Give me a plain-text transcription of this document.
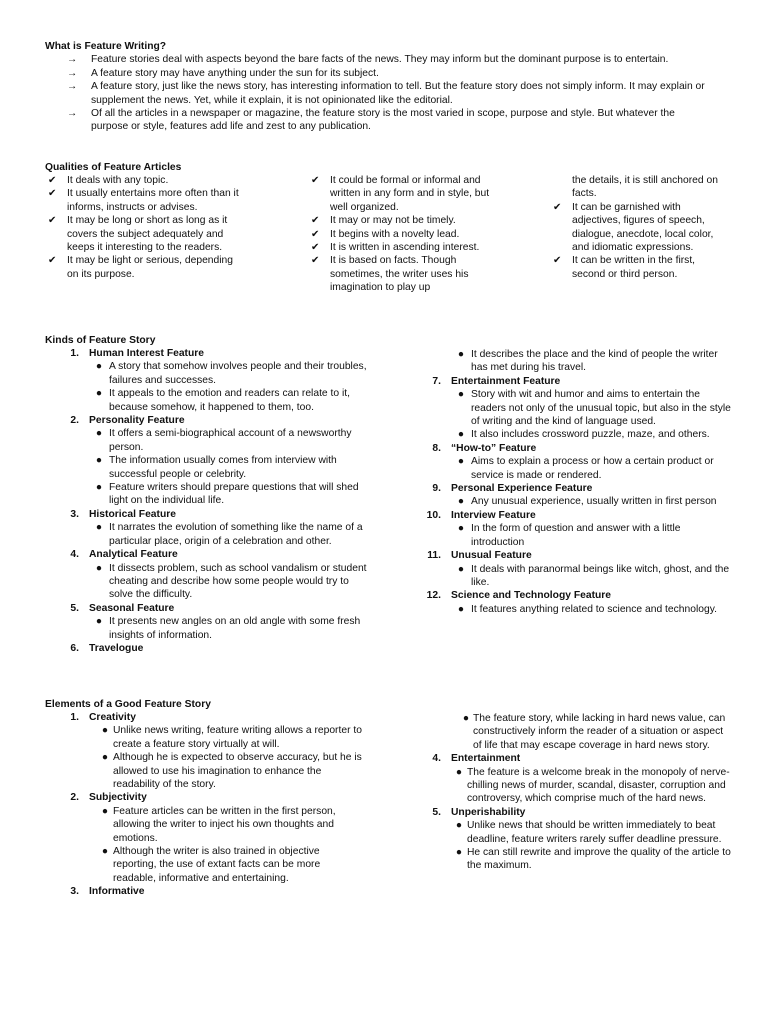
What is Feature Writing?
→	Feature stories deal with aspects beyond the bare facts of the news. They may inform but the dominant purpose is to entertain.
→	A feature story may have anything under the sun for its subject.
→	A feature story, just like the news story, has interesting information to tell. But the feature story does not simply inform. It may explain or supplement the news. Yet, while it explain, it is not opinionated like the editorial.
→	Of all the articles in a newspaper or magazine, the feature story is the most varied in scope, purpose and style. But whatever the purpose or style, features add life and zest to any publication.
Qualities of Feature Articles
✔	It deals with any topic.
✔	It usually entertains more often than it informs, instructs or advises.
✔	It may be long or short as long as it covers the subject adequately and keeps it interesting to the readers.
✔	It may be light or serious, depending on its purpose.
✔	It could be formal or informal and written in any form and in style, but well organized.
✔	It may or may not be timely.
✔	It begins with a novelty lead.
✔	It is written in ascending interest.
✔	It is based on facts. Though sometimes, the writer uses his imagination to play up
the details, it is still anchored on facts.
✔	It can be garnished with adjectives, figures of speech, dialogue, anecdote, local color, and idiomatic expressions.
✔	It can be written in the first, second or third person.
Kinds of Feature Story
1. Human Interest Feature
● A story that somehow involves people and their troubles, failures and successes.
● It appeals to the emotion and readers can relate to it, because somehow, it happened to them, too.
2. Personality Feature
● It offers a semi-biographical account of a newsworthy person.
● The information usually comes from interview with successful people or celebrity.
● Feature writers should prepare questions that will shed light on the individual life.
3. Historical Feature
● It narrates the evolution of something like the name of a particular place, origin of a celebration and other.
4. Analytical Feature
● It dissects problem, such as school vandalism or student cheating and describe how some people would try to solve the difficulty.
5. Seasonal Feature
● It presents new angles on an old angle with some fresh insights of information.
6. Travelogue
● It describes the place and the kind of people the writer has met during his travel.
7. Entertainment Feature
● Story with wit and humor and aims to entertain the readers not only of the unusual topic, but also in the style of writing and the kind of language used.
● It also includes crossword puzzle, maze, and others.
8. “How-to” Feature
● Aims to explain a process or how a certain product or service is made or rendered.
9. Personal Experience Feature
● Any unusual experience, usually written in first person
10. Interview Feature
● In the form of question and answer with a little introduction
11. Unusual Feature
● It deals with paranormal beings like witch, ghost, and the like.
12. Science and Technology Feature
● It features anything related to science and technology.
Elements of a Good Feature Story
1. Creativity
● Unlike news writing, feature writing allows a reporter to create a feature story virtually at will.
● Although he is expected to observe accuracy, but he is allowed to use his imagination to enhance the readability of the story.
2. Subjectivity
● Feature articles can be written in the first person, allowing the writer to inject his own thoughts and emotions.
● Although the writer is also trained in objective reporting, the use of extant facts can be more readable, informative and entertaining.
3. Informative
● The feature story, while lacking in hard news value, can constructively inform the reader of a situation or aspect of life that may escape coverage in hard news story.
4. Entertainment
● The feature is a welcome break in the monopoly of nerve-chilling news of murder, scandal, disaster, corruption and controversy, which comprise much of the hard news.
5. Unperishability
● Unlike news that should be written immediately to beat deadline, feature writers rarely suffer deadline pressure.
● He can still rewrite and improve the quality of the article to the maximum.
